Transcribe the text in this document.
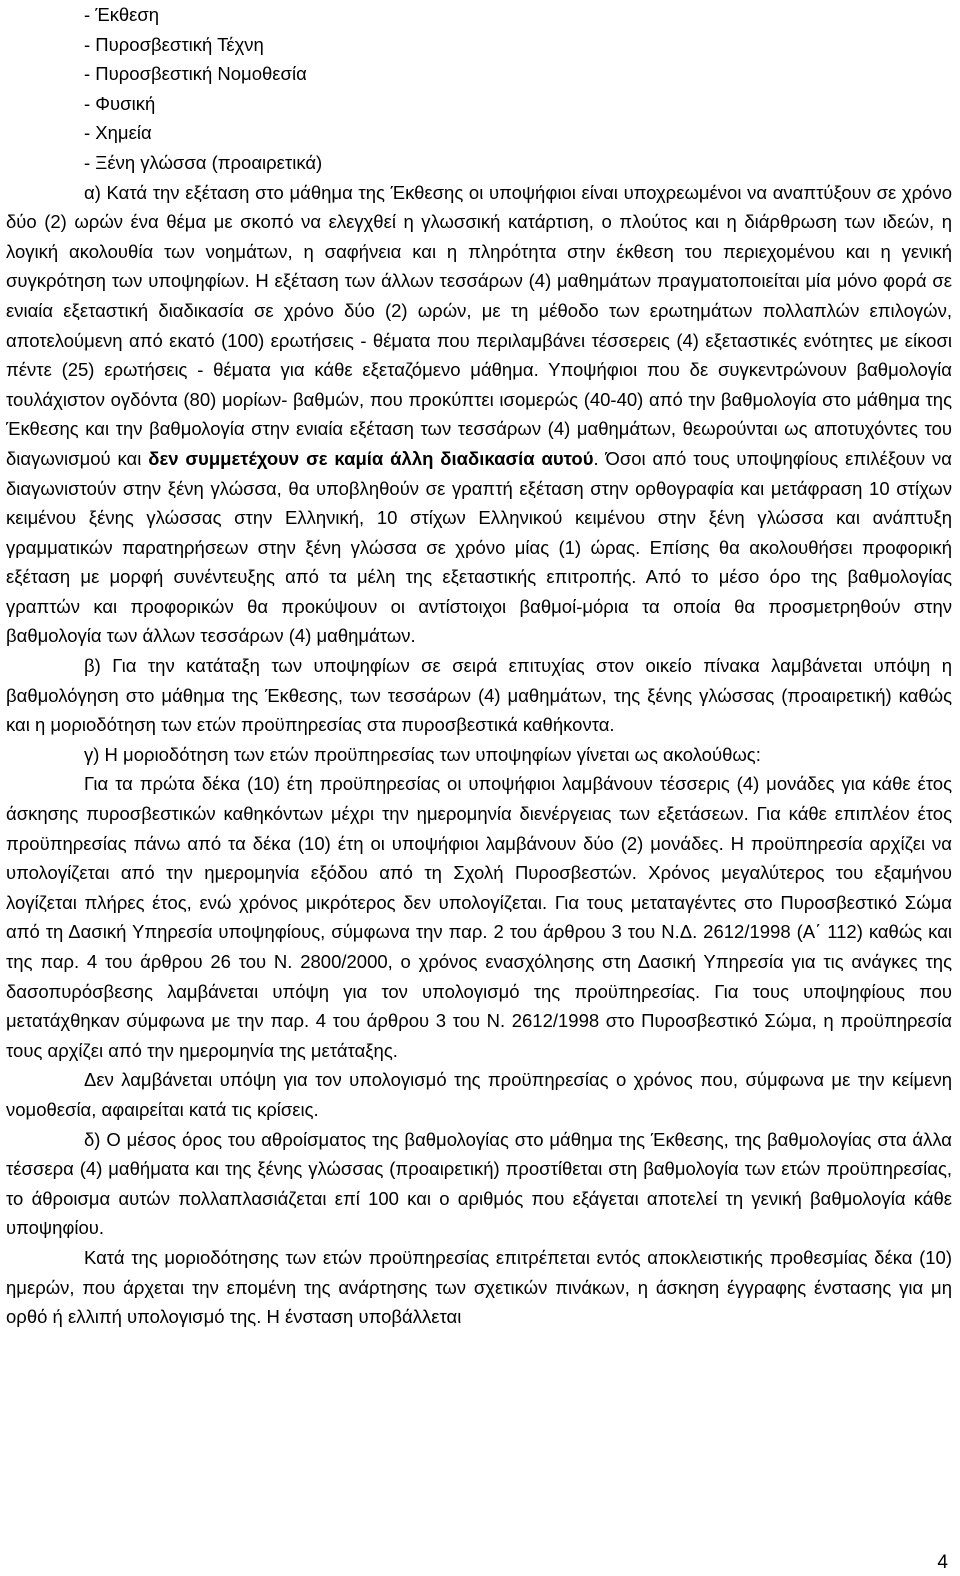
- Έκθεση
- Πυροσβεστική Τέχνη
- Πυροσβεστική Νομοθεσία
- Φυσική
- Χημεία
- Ξένη γλώσσα (προαιρετικά)

α) Κατά την εξέταση στο μάθημα της Έκθεσης οι υποψήφιοι είναι υποχρεωμένοι να αναπτύξουν σε χρόνο δύο (2) ωρών ένα θέμα με σκοπό να ελεγχθεί η γλωσσική κατάρτιση, ο πλούτος και η διάρθρωση των ιδεών, η λογική ακολουθία των νοημάτων, η σαφήνεια και η πληρότητα στην έκθεση του περιεχομένου και η γενική συγκρότηση των υποψηφίων. Η εξέταση των άλλων τεσσάρων (4) μαθημάτων πραγματοποιείται μία μόνο φορά σε ενιαία εξεταστική διαδικασία σε χρόνο δύο (2) ωρών, με τη μέθοδο των ερωτημάτων πολλαπλών επιλογών, αποτελούμενη από εκατό (100) ερωτήσεις - θέματα που περιλαμβάνει τέσσερεις (4) εξεταστικές ενότητες με είκοσι πέντε (25) ερωτήσεις - θέματα για κάθε εξεταζόμενο μάθημα. Υποψήφιοι που δε συγκεντρώνουν βαθμολογία τουλάχιστον ογδόντα (80) μορίων- βαθμών, που προκύπτει ισομερώς (40-40) από την βαθμολογία στο μάθημα της Έκθεσης και την βαθμολογία στην ενιαία εξέταση των τεσσάρων (4) μαθημάτων, θεωρούνται ως αποτυχόντες του διαγωνισμού και δεν συμμετέχουν σε καμία άλλη διαδικασία αυτού. Όσοι από τους υποψηφίους επιλέξουν να διαγωνιστούν στην ξένη γλώσσα, θα υποβληθούν σε γραπτή εξέταση στην ορθογραφία και μετάφραση 10 στίχων κειμένου ξένης γλώσσας στην Ελληνική, 10 στίχων Ελληνικού κειμένου στην ξένη γλώσσα και ανάπτυξη γραμματικών παρατηρήσεων στην ξένη γλώσσα σε χρόνο μίας (1) ώρας. Επίσης θα ακολουθήσει προφορική εξέταση με μορφή συνέντευξης από τα μέλη της εξεταστικής επιτροπής. Από το μέσο όρο της βαθμολογίας γραπτών και προφορικών θα προκύψουν οι αντίστοιχοι βαθμοί-μόρια τα οποία θα προσμετρηθούν στην βαθμολογία των άλλων τεσσάρων (4) μαθημάτων.

β) Για την κατάταξη των υποψηφίων σε σειρά επιτυχίας στον οικείο πίνακα λαμβάνεται υπόψη η βαθμολόγηση στο μάθημα της Έκθεσης, των τεσσάρων (4) μαθημάτων, της ξένης γλώσσας (προαιρετική) καθώς και η μοριοδότηση των ετών προϋπηρεσίας στα πυροσβεστικά καθήκοντα.

γ) Η μοριοδότηση των ετών προϋπηρεσίας των υποψηφίων γίνεται ως ακολούθως:

Για τα πρώτα δέκα (10) έτη προϋπηρεσίας οι υποψήφιοι λαμβάνουν τέσσερις (4) μονάδες για κάθε έτος άσκησης πυροσβεστικών καθηκόντων μέχρι την ημερομηνία διενέργειας των εξετάσεων. Για κάθε επιπλέον έτος προϋπηρεσίας πάνω από τα δέκα (10) έτη οι υποψήφιοι λαμβάνουν δύο (2) μονάδες. Η προϋπηρεσία αρχίζει να υπολογίζεται από την ημερομηνία εξόδου από τη Σχολή Πυροσβεστών. Χρόνος μεγαλύτερος του εξαμήνου λογίζεται πλήρες έτος, ενώ χρόνος μικρότερος δεν υπολογίζεται. Για τους μεταταγέντες στο Πυροσβεστικό Σώμα από τη Δασική Υπηρεσία υποψηφίους, σύμφωνα την παρ. 2 του άρθρου 3 του Ν.Δ. 2612/1998 (Α΄ 112) καθώς και της παρ. 4 του άρθρου 26 του Ν. 2800/2000, ο χρόνος ενασχόλησης στη Δασική Υπηρεσία για τις ανάγκες της δασοπυρόσβεσης λαμβάνεται υπόψη για τον υπολογισμό της προϋπηρεσίας. Για τους υποψηφίους που μετατάχθηκαν σύμφωνα με την παρ. 4 του άρθρου 3 του Ν. 2612/1998 στο Πυροσβεστικό Σώμα, η προϋπηρεσία τους αρχίζει από την ημερομηνία της μετάταξης.

Δεν λαμβάνεται υπόψη για τον υπολογισμό της προϋπηρεσίας ο χρόνος που, σύμφωνα με την κείμενη νομοθεσία, αφαιρείται κατά τις κρίσεις.

δ) Ο μέσος όρος του αθροίσματος της βαθμολογίας στο μάθημα της Έκθεσης, της βαθμολογίας στα άλλα τέσσερα (4) μαθήματα και της ξένης γλώσσας (προαιρετική) προστίθεται στη βαθμολογία των ετών προϋπηρεσίας, το άθροισμα αυτών πολλαπλασιάζεται επί 100 και ο αριθμός που εξάγεται αποτελεί τη γενική βαθμολογία κάθε υποψηφίου.

Κατά της μοριοδότησης των ετών προϋπηρεσίας επιτρέπεται εντός αποκλειστικής προθεσμίας δέκα (10) ημερών, που άρχεται την επομένη της ανάρτησης των σχετικών πινάκων, η άσκηση έγγραφης ένστασης για μη ορθό ή ελλιπή υπολογισμό της. Η ένσταση υποβάλλεται

4
